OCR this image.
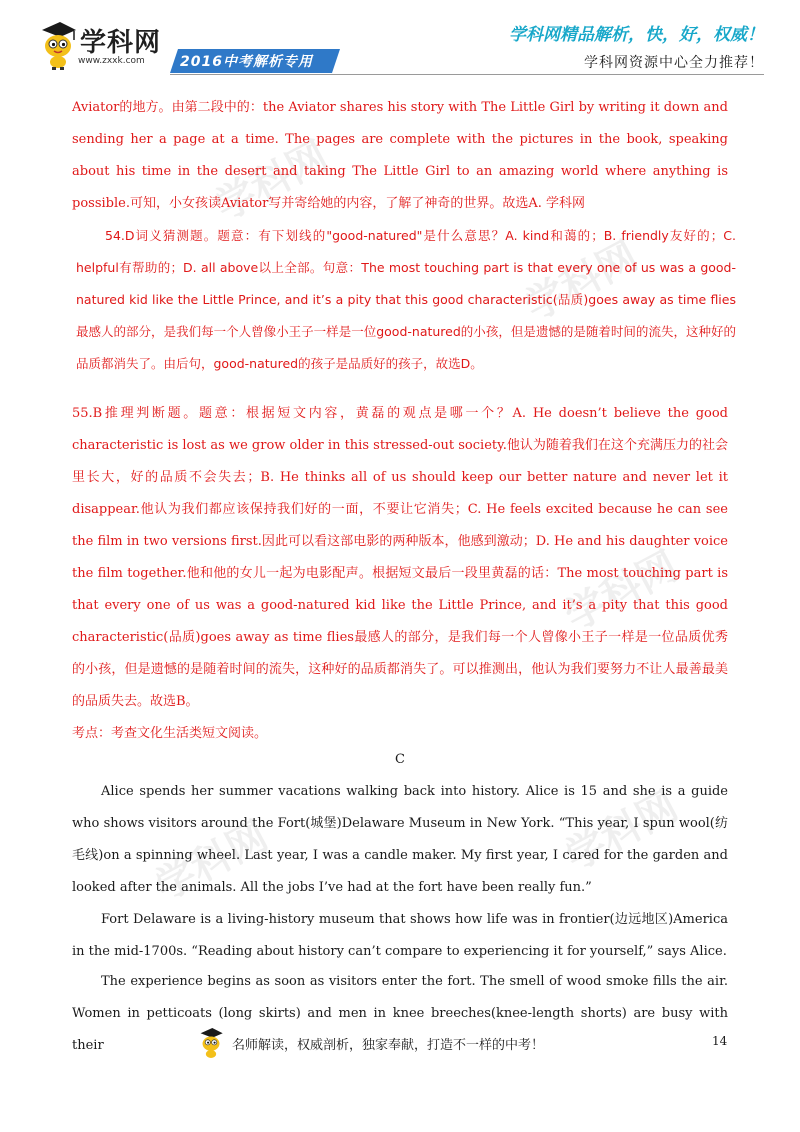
学科网
www.zxxk.com	2016中考解析专用
学科网精品解析，快，好，权威！
学科网资源中心全力推荐！
学科网
学科网
学科网
学科网
学科网

Aviator的地方。由第二段中的：the Aviator shares his story with The Little Girl by writing it down and sending her a page at a time. The pages are complete with the pictures in the book, speaking about his time in the desert and taking The Little Girl to an amazing world where anything is possible.可知，小女孩读Aviator写并寄给她的内容，了解了神奇的世界。故选A. 学科网

54.D词义猜测题。题意：有下划线的"good-natured"是什么意思？A. kind和蔼的；B. friendly友好的；C. helpful有帮助的；D. all above以上全部。句意：The most touching part is that every one of us was a good-natured kid like the Little Prince, and it’s a pity that this good characteristic(品质)goes away as time flies最感人的部分，是我们每一个人曾像小王子一样是一位good-natured的小孩，但是遗憾的是随着时间的流失，这种好的品质都消失了。由后句，good-natured的孩子是品质好的孩子，故选D。

55.B推理判断题。题意：根据短文内容，黄磊的观点是哪一个？A. He doesn’t believe the good characteristic is lost as we grow older in this stressed-out society.他认为随着我们在这个充满压力的社会里长大，好的品质不会失去；B. He thinks all of us should keep our better nature and never let it disappear.他认为我们都应该保持我们好的一面，不要让它消失；C. He feels excited because he can see the film in two versions first.因此可以看这部电影的两种版本，他感到激动；D. He and his daughter voice the film together.他和他的女儿一起为电影配声。根据短文最后一段里黄磊的话：The most touching part is that every one of us was a good-natured kid like the Little Prince, and it’s a pity that this good characteristic(品质)goes away as time flies最感人的部分，是我们每一个人曾像小王子一样是一位品质优秀的小孩，但是遗憾的是随着时间的流失，这种好的品质都消失了。可以推测出，他认为我们要努力不让人最善最美的品质失去。故选B。

考点：考查文化生活类短文阅读。

C

Alice spends her summer vacations walking back into history. Alice is 15 and she is a guide who shows visitors around the Fort(城堡)Delaware Museum in New York. “This year, I spun wool(纺毛线)on a spinning wheel. Last year, I was a candle maker. My first year, I cared for the garden and looked after the animals. All the jobs I’ve had at the fort have been really fun.”

Fort Delaware is a living-history museum that shows how life was in frontier(边远地区)America in the mid-1700s. “Reading about history can’t compare to experiencing it for yourself,” says Alice.

The experience begins as soon as visitors enter the fort. The smell of wood smoke fills the air. Women in petticoats (long skirts) and men in knee breeches(knee-length shorts) are busy with their	名师解读，权威剖析，独家奉献，打造不一样的中考！	14
